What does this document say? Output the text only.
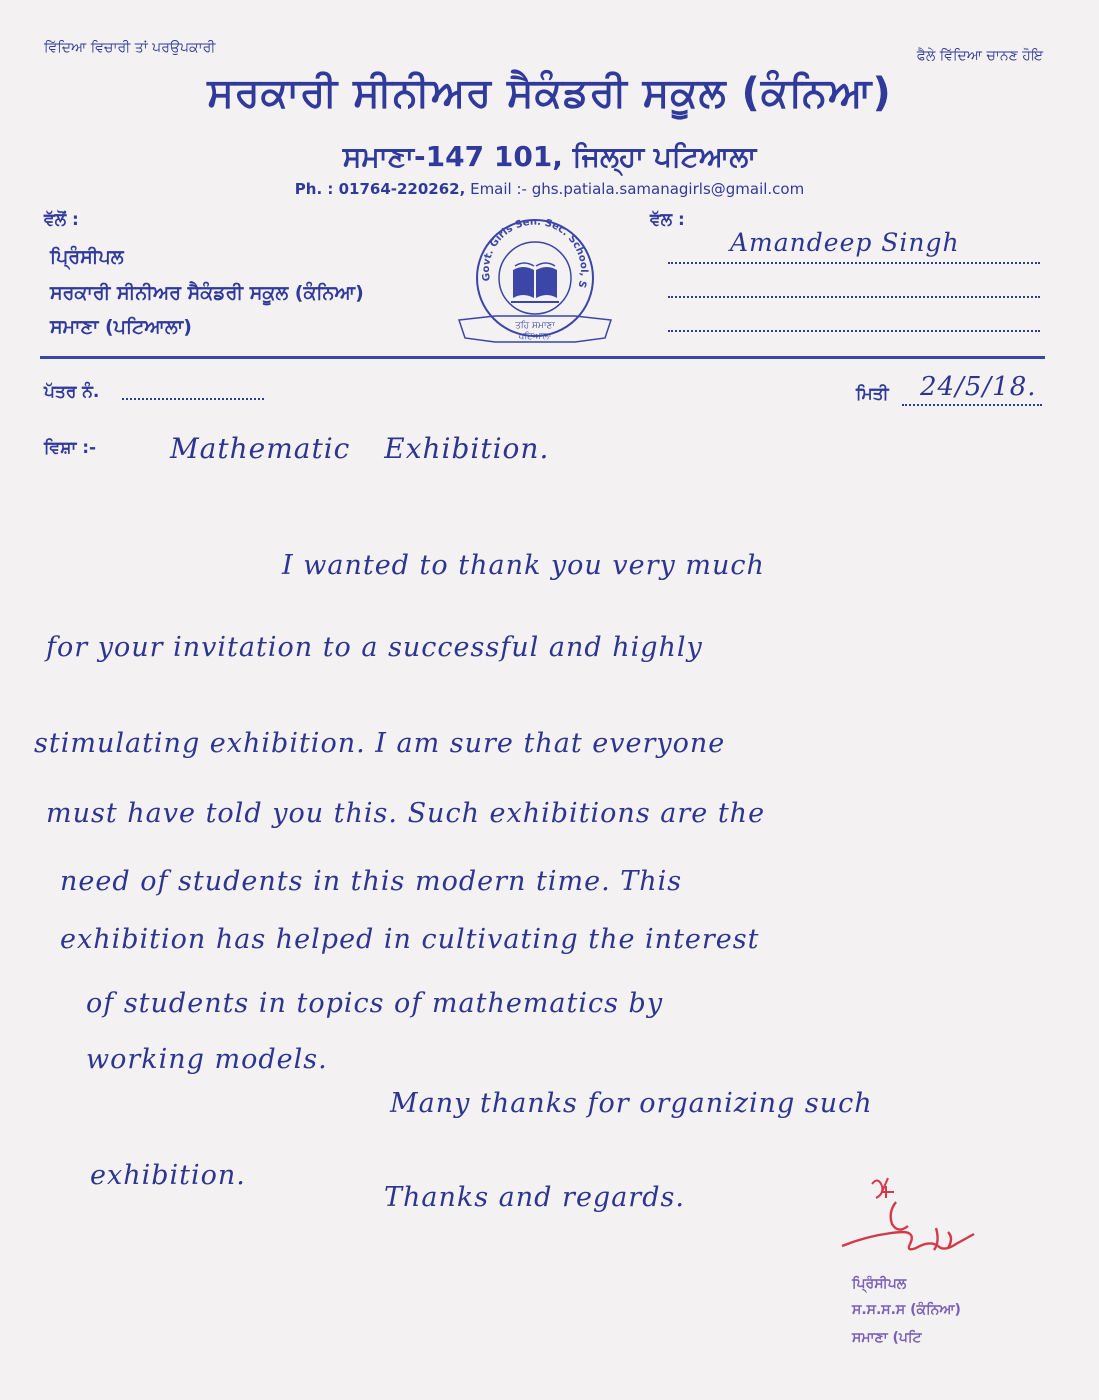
ਵਿੱਦਿਆ ਵਿਚਾਰੀ ਤਾਂ ਪਰਉਪਕਾਰੀ	ਫੈਲੇ ਵਿੱਦਿਆ ਚਾਨਣ ਹੋਇ
ਸਰਕਾਰੀ ਸੀਨੀਅਰ ਸੈਕੰਡਰੀ ਸਕੂਲ (ਕੰਨਿਆ)
ਸਮਾਣਾ-147 101, ਜਿਲ੍ਹਾ ਪਟਿਆਲਾ
Ph. : 01764-220262, Email :- ghs.patiala.samanagirls@gmail.com
ਵੱਲੋਂ :
ਪ੍ਰਿੰਸੀਪਲ
ਸਰਕਾਰੀ ਸੀਨੀਅਰ ਸੈਕੰਡਰੀ ਸਕੂਲ (ਕੰਨਿਆ)
ਸਮਾਣਾ (ਪਟਿਆਲਾ)
Govt. Girls Sen. Sec. School, S
ਤਹਿ ਸਮਾਣਾ
ਪਟਿਆਲਾ
ਵੱਲ :
Amandeep Singh
ਪੱਤਰ ਨੰ.	ਮਿਤੀ 24/5/18.
ਵਿਸ਼ਾ :-	Mathematic Exhibition.
I wanted to thank you very much
for your invitation to a successful and highly
stimulating exhibition. I am sure that everyone
must have told you this. Such exhibitions are the
need of students in this modern time. This
exhibition has helped in cultivating the interest
of students in topics of mathematics by
working models.
Many thanks for organizing such
exhibition.
Thanks and regards.
ਪ੍ਰਿੰਸੀਪਲ
ਸ.ਸ.ਸ.ਸ (ਕੰਨਿਆ)
ਸਮਾਣਾ (ਪਟਿ
